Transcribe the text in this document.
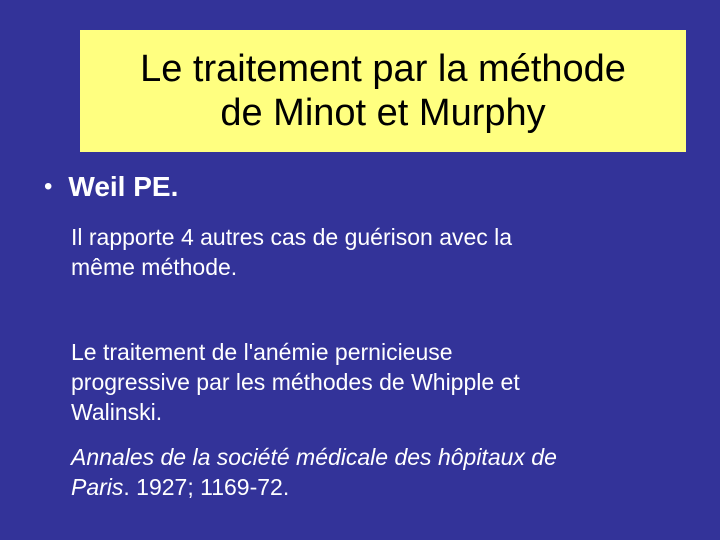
Le traitement par la méthode
de Minot et Murphy
• Weil PE.
Il rapporte 4 autres cas de guérison avec la
même méthode.
Le traitement de l'anémie pernicieuse
progressive par les méthodes de Whipple et
Walinski.
Annales de la société médicale des hôpitaux de
Paris. 1927; 1169-72.
